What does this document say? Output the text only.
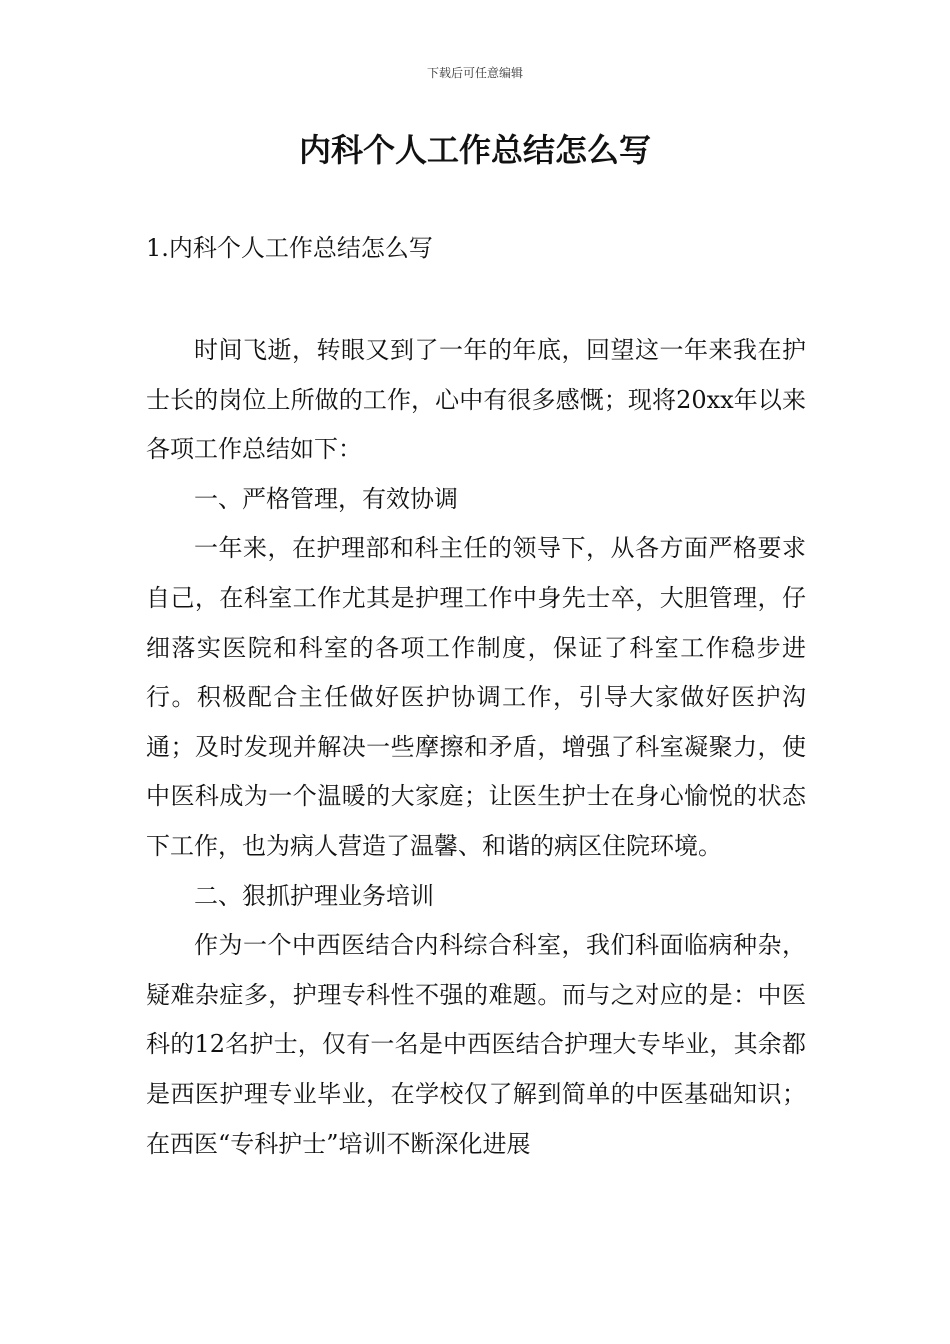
下载后可任意编辑
内科个人工作总结怎么写
1.内科个人工作总结怎么写

时间飞逝，转眼又到了一年的年底，回望这一年来我在护士长的岗位上所做的工作，心中有很多感慨；现将20xx年以来各项工作总结如下：

一、严格管理，有效协调

一年来，在护理部和科主任的领导下，从各方面严格要求自己，在科室工作尤其是护理工作中身先士卒，大胆管理，仔细落实医院和科室的各项工作制度，保证了科室工作稳步进行。积极配合主任做好医护协调工作，引导大家做好医护沟通；及时发现并解决一些摩擦和矛盾，增强了科室凝聚力，使中医科成为一个温暖的大家庭；让医生护士在身心愉悦的状态下工作，也为病人营造了温馨、和谐的病区住院环境。

二、狠抓护理业务培训

作为一个中西医结合内科综合科室，我们科面临病种杂，疑难杂症多，护理专科性不强的难题。而与之对应的是：中医科的12名护士，仅有一名是中西医结合护理大专毕业，其余都是西医护理专业毕业，在学校仅了解到简单的中医基础知识；在西医“专科护士”培训不断深化进展
